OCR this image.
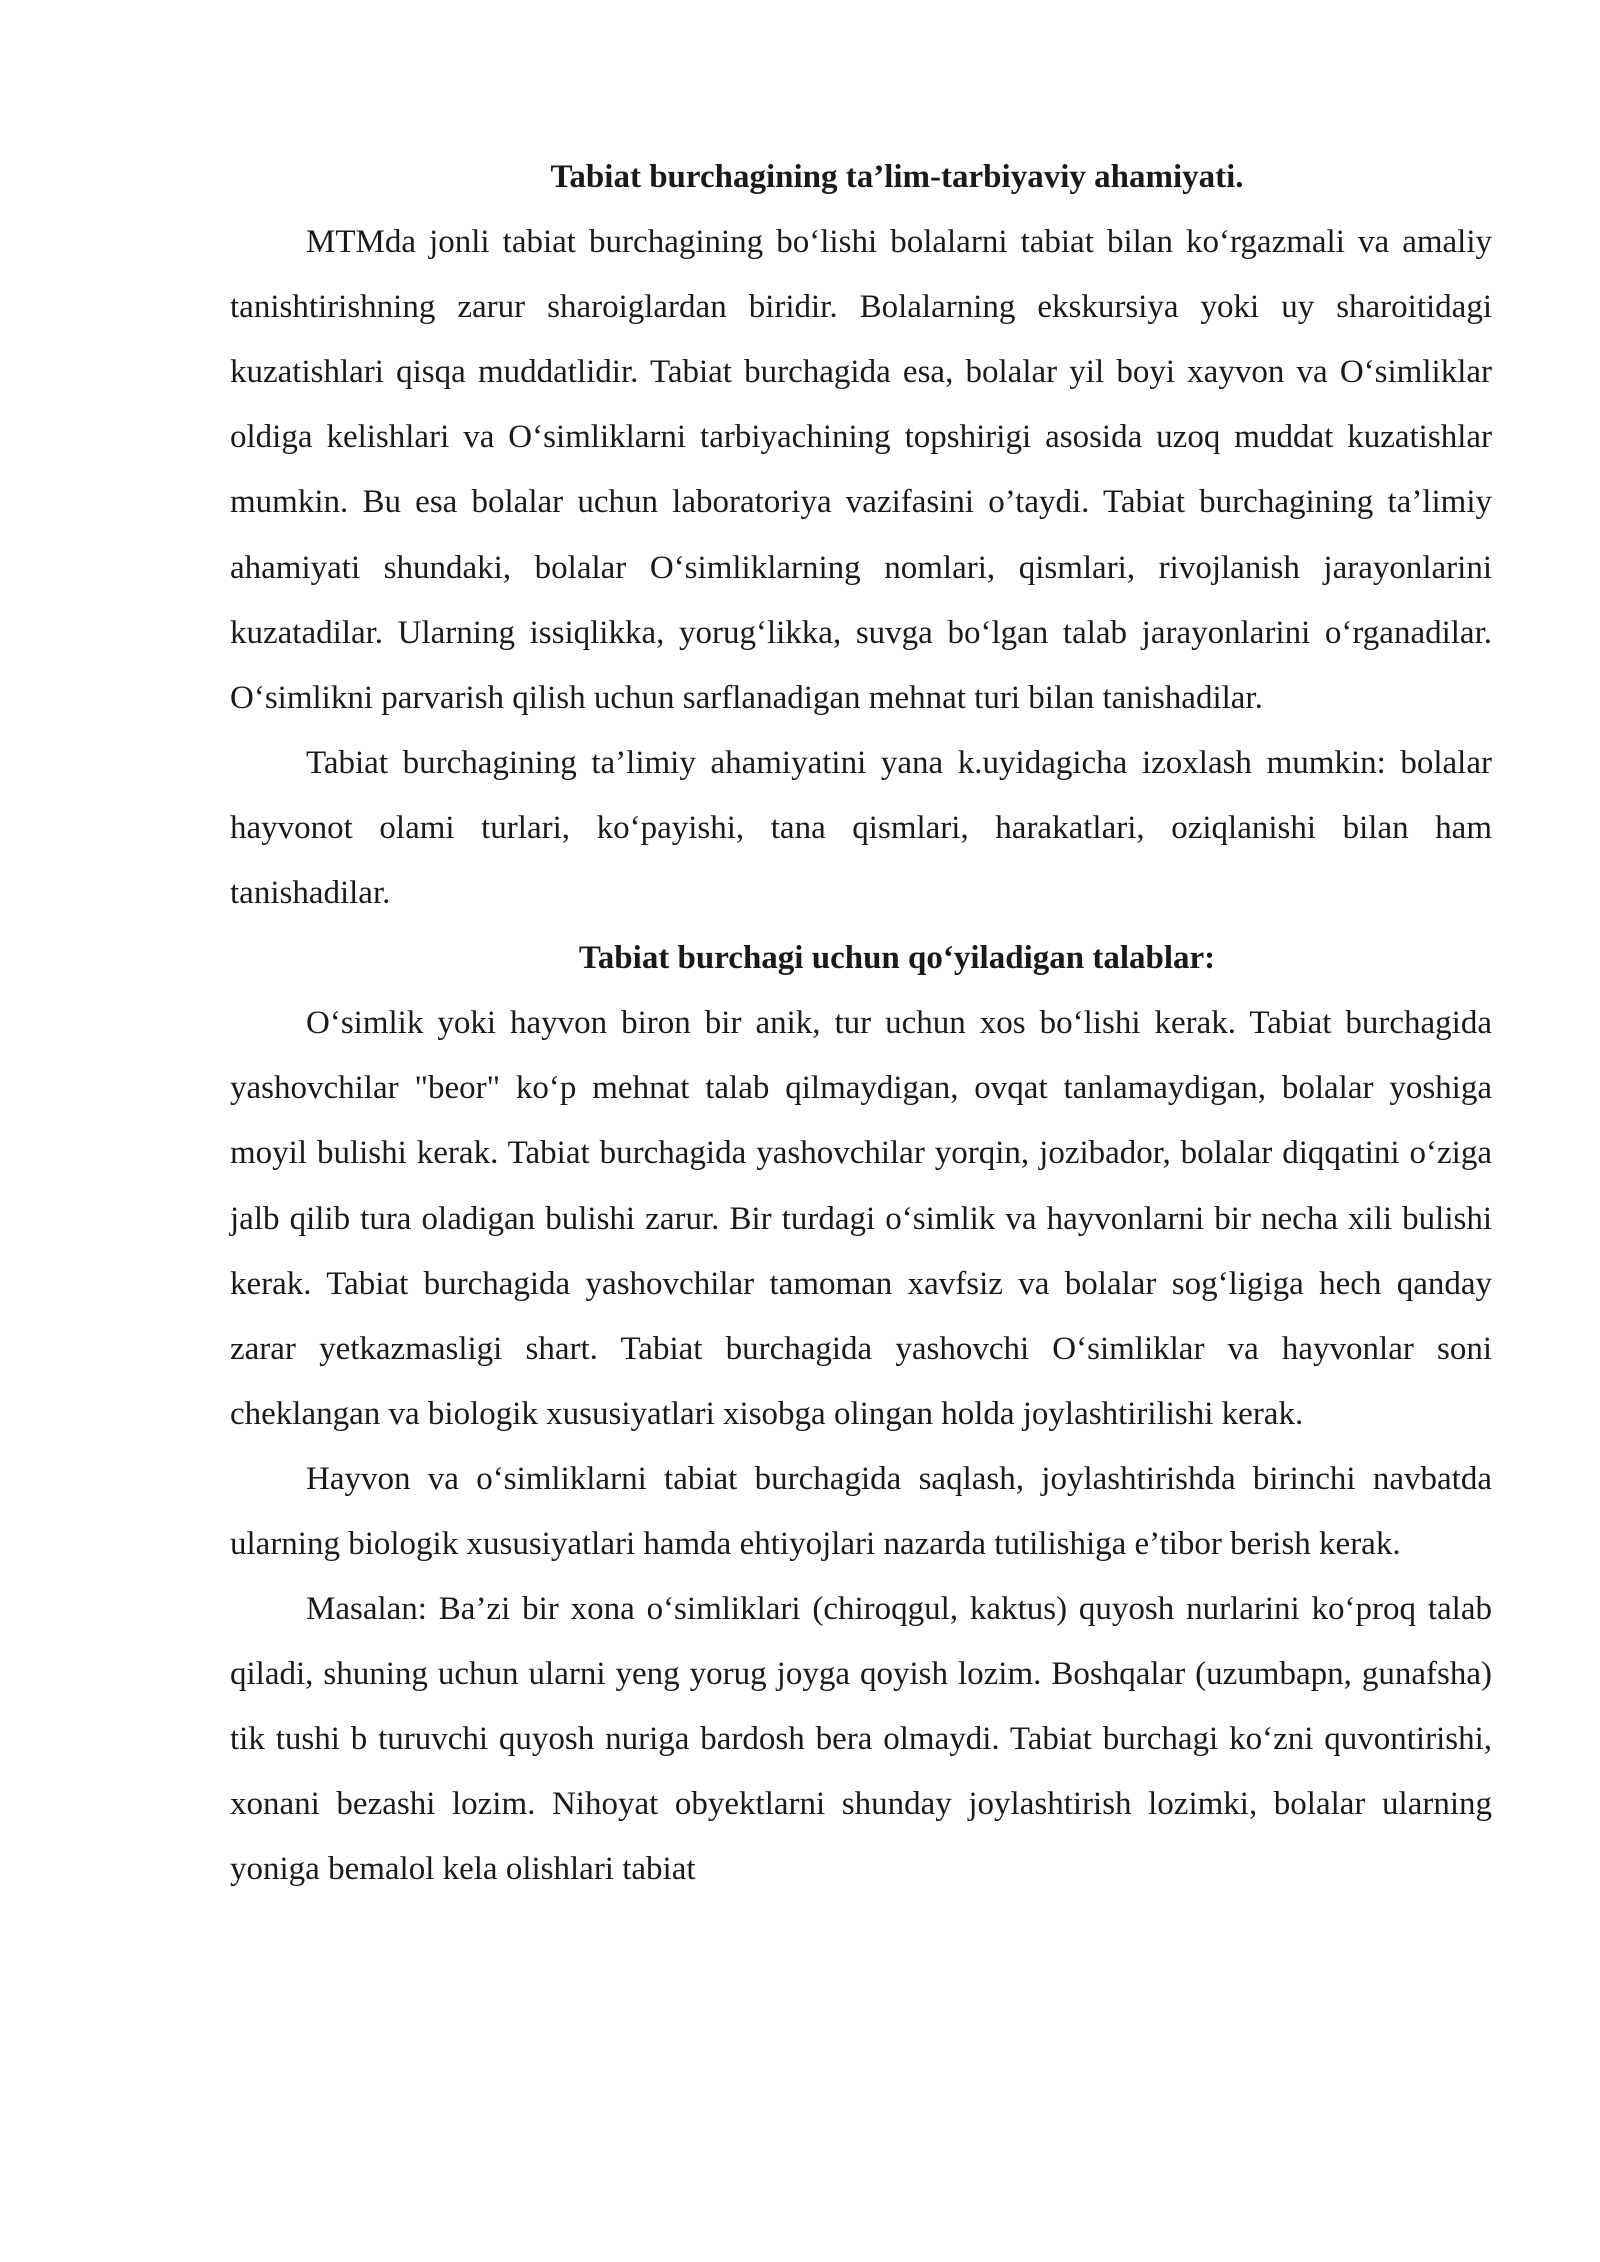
Tabiat burchagining ta’lim-tarbiyaviy ahamiyati.

MTMda jonli tabiat burchagining bo‘lishi bolalarni tabiat bilan ko‘rgazmali va amaliy tanishtirishning zarur sharoiglardan biridir. Bolalarning ekskursiya yoki uy sharoitidagi kuzatishlari qisqa muddatlidir. Tabiat burchagida esa, bolalar yil boyi xayvon va O‘simliklar oldiga kelishlari va O‘simliklarni tarbiyachining topshirigi asosida uzoq muddat kuzatishlar mumkin. Bu esa bolalar uchun laboratoriya vazifasini o’taydi. Tabiat burchagining ta’limiy ahamiyati shundaki, bolalar O‘simliklarning nomlari, qismlari, rivojlanish jarayonlarini kuzatadilar. Ularning issiqlikka, yorug‘likka, suvga bo‘lgan talab jarayonlarini o‘rganadilar. O‘simlikni parvarish qilish uchun sarflanadigan mehnat turi bilan tanishadilar.

Tabiat burchagining ta’limiy ahamiyatini yana k.uyidagicha izoxlash mumkin: bolalar hayvonot olami turlari, ko‘payishi, tana qismlari, harakatlari, oziqlanishi bilan ham tanishadilar.

Tabiat burchagi uchun qo‘yiladigan talablar:

O‘simlik yoki hayvon biron bir anik, tur uchun xos bo‘lishi kerak. Tabiat burchagida yashovchilar "beor" ko‘p mehnat talab qilmaydigan, ovqat tanlamaydigan, bolalar yoshiga moyil bulishi kerak. Tabiat burchagida yashovchilar yorqin, jozibador, bolalar diqqatini o‘ziga jalb qilib tura oladigan bulishi zarur. Bir turdagi o‘simlik va hayvonlarni bir necha xili bulishi kerak. Tabiat burchagida yashovchilar tamoman xavfsiz va bolalar sog‘ligiga hech qanday zarar yetkazmasligi shart. Tabiat burchagida yashovchi O‘simliklar va hayvonlar soni cheklangan va biologik xususiyatlari xisobga olingan holda joylashtirilishi kerak.

Hayvon va o‘simliklarni tabiat burchagida saqlash, joylashtirishda birinchi navbatda ularning biologik xususiyatlari hamda ehtiyojlari nazarda tutilishiga e’tibor berish kerak.

Masalan: Ba’zi bir xona o‘simliklari (chiroqgul, kaktus) quyosh nurlarini ko‘proq talab qiladi, shuning uchun ularni yeng yorug joyga qoyish lozim. Boshqalar (uzumbapn, gunafsha) tik tushi b turuvchi quyosh nuriga bardosh bera olmaydi. Tabiat burchagi ko‘zni quvontirishi, xonani bezashi lozim. Nihoyat obyektlarni shunday joylashtirish lozimki, bolalar ularning yoniga bemalol kela olishlari tabiat
